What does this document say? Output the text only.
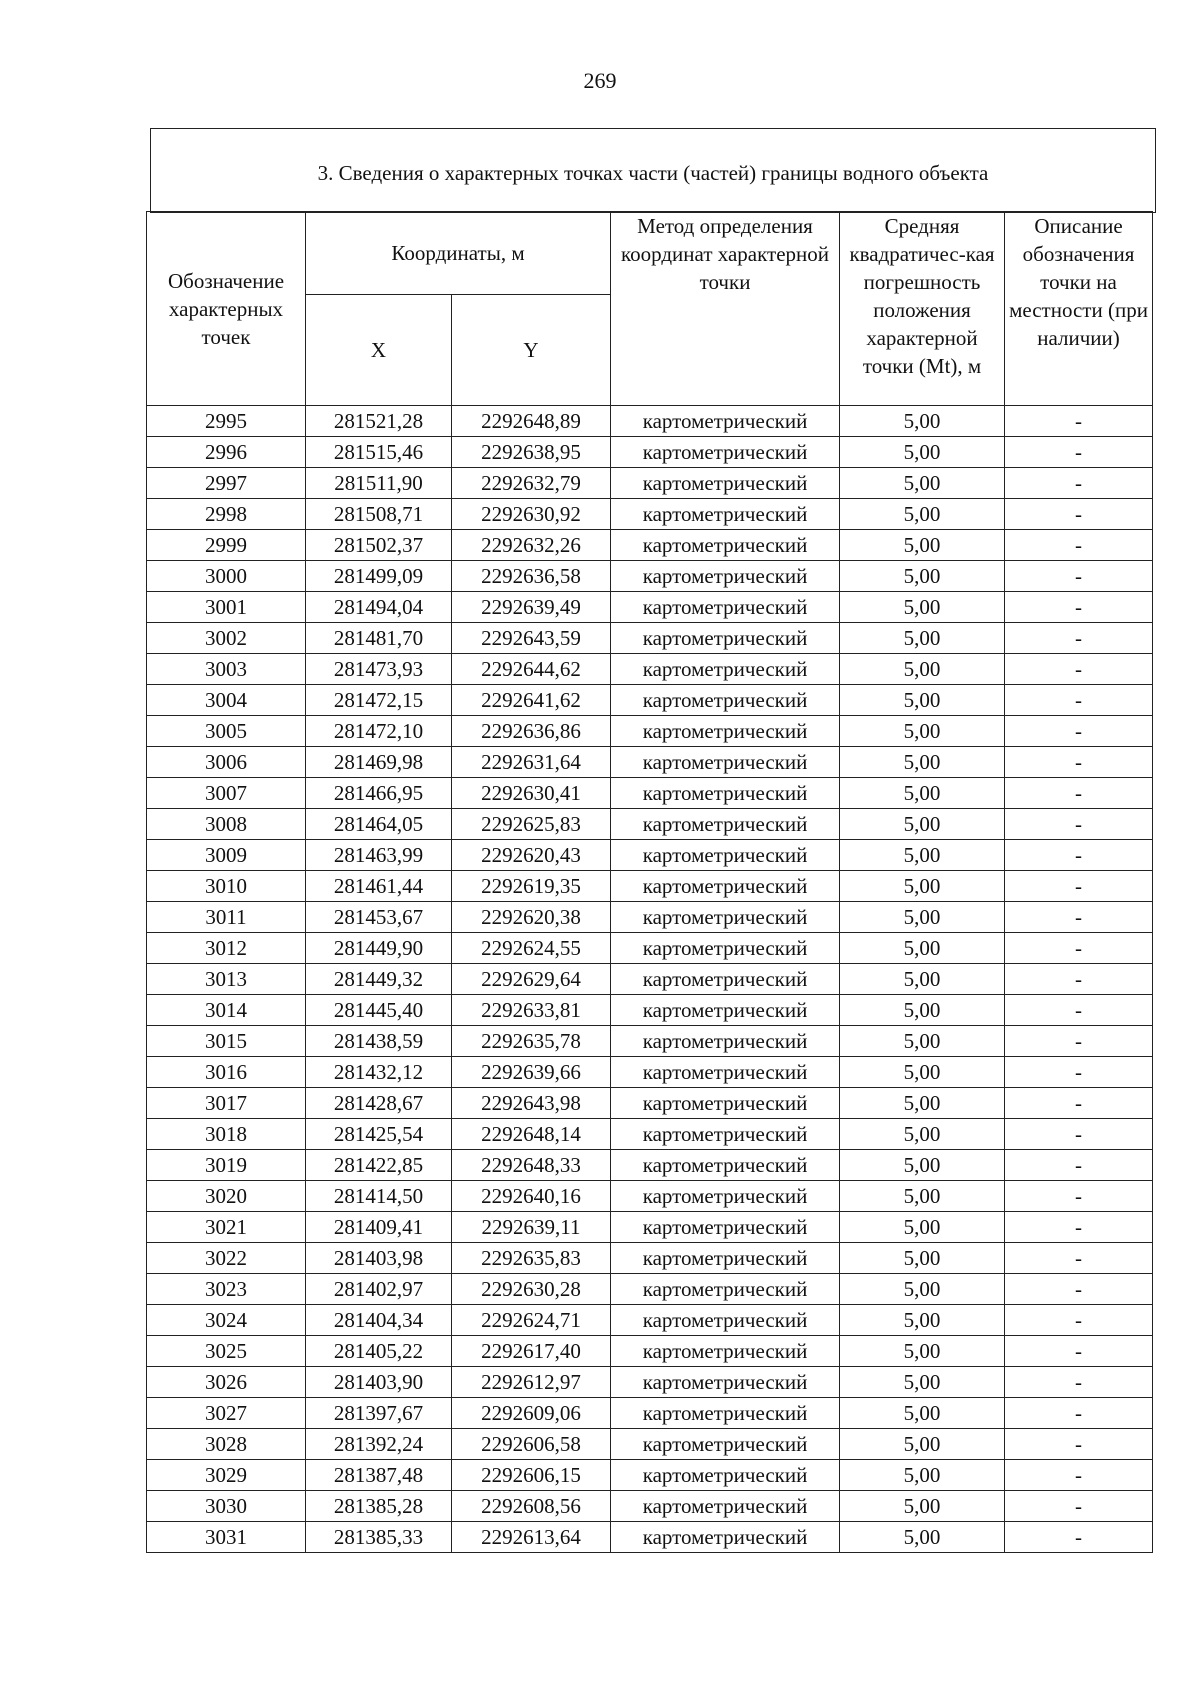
269
3. Сведения о характерных точках части (частей) границы водного объекта
Обозначение характерных точек	Координаты, м		Метод определения координат характерной точки	Средняя квадратичес-кая погрешность положения характерной точки (Mt), м	Описание обозначения точки на местности (при наличии)
	X	Y			
2995	281521,28	2292648,89	картометрический	5,00	-
2996	281515,46	2292638,95	картометрический	5,00	-
2997	281511,90	2292632,79	картометрический	5,00	-
2998	281508,71	2292630,92	картометрический	5,00	-
2999	281502,37	2292632,26	картометрический	5,00	-
3000	281499,09	2292636,58	картометрический	5,00	-
3001	281494,04	2292639,49	картометрический	5,00	-
3002	281481,70	2292643,59	картометрический	5,00	-
3003	281473,93	2292644,62	картометрический	5,00	-
3004	281472,15	2292641,62	картометрический	5,00	-
3005	281472,10	2292636,86	картометрический	5,00	-
3006	281469,98	2292631,64	картометрический	5,00	-
3007	281466,95	2292630,41	картометрический	5,00	-
3008	281464,05	2292625,83	картометрический	5,00	-
3009	281463,99	2292620,43	картометрический	5,00	-
3010	281461,44	2292619,35	картометрический	5,00	-
3011	281453,67	2292620,38	картометрический	5,00	-
3012	281449,90	2292624,55	картометрический	5,00	-
3013	281449,32	2292629,64	картометрический	5,00	-
3014	281445,40	2292633,81	картометрический	5,00	-
3015	281438,59	2292635,78	картометрический	5,00	-
3016	281432,12	2292639,66	картометрический	5,00	-
3017	281428,67	2292643,98	картометрический	5,00	-
3018	281425,54	2292648,14	картометрический	5,00	-
3019	281422,85	2292648,33	картометрический	5,00	-
3020	281414,50	2292640,16	картометрический	5,00	-
3021	281409,41	2292639,11	картометрический	5,00	-
3022	281403,98	2292635,83	картометрический	5,00	-
3023	281402,97	2292630,28	картометрический	5,00	-
3024	281404,34	2292624,71	картометрический	5,00	-
3025	281405,22	2292617,40	картометрический	5,00	-
3026	281403,90	2292612,97	картометрический	5,00	-
3027	281397,67	2292609,06	картометрический	5,00	-
3028	281392,24	2292606,58	картометрический	5,00	-
3029	281387,48	2292606,15	картометрический	5,00	-
3030	281385,28	2292608,56	картометрический	5,00	-
3031	281385,33	2292613,64	картометрический	5,00	-
